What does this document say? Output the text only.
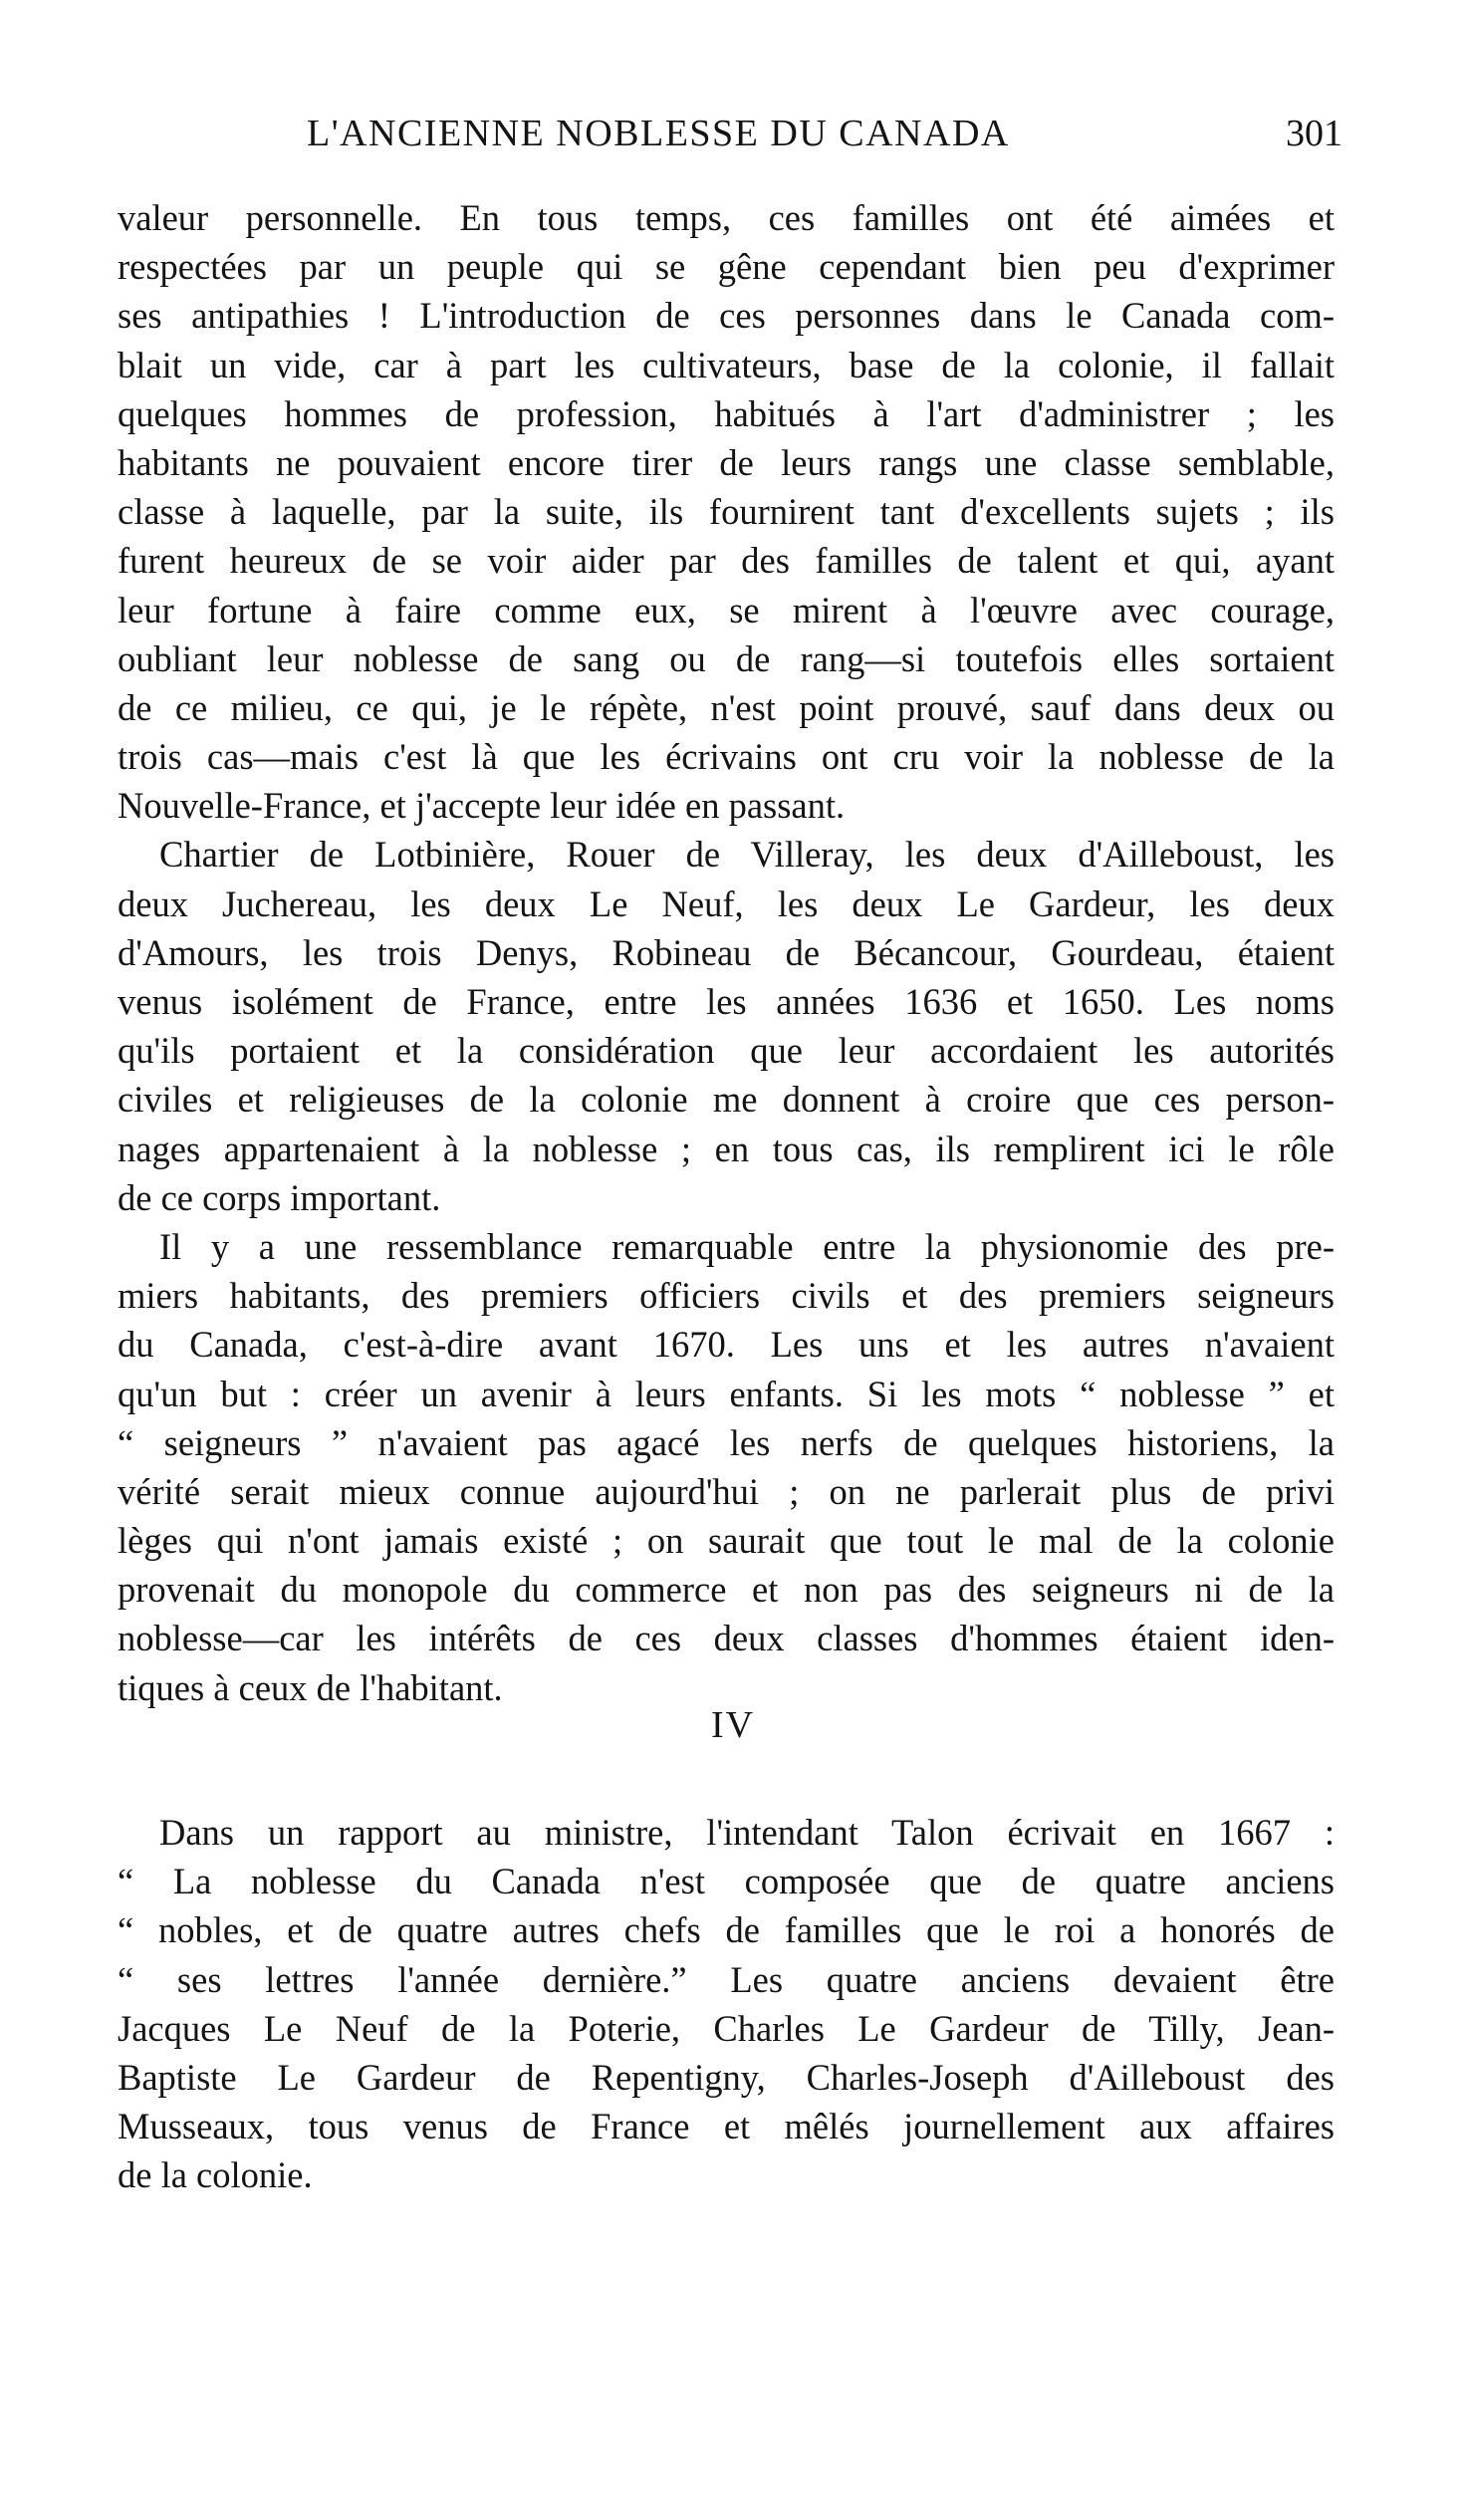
L'ANCIENNE NOBLESSE DU CANADA	301
valeur personnelle. En tous temps, ces familles ont été aimées et
respectées par un peuple qui se gêne cependant bien peu d'exprimer
ses antipathies ! L'introduction de ces personnes dans le Canada com-
blait un vide, car à part les cultivateurs, base de la colonie, il fallait
quelques hommes de profession, habitués à l'art d'administrer ; les
habitants ne pouvaient encore tirer de leurs rangs une classe semblable,
classe à laquelle, par la suite, ils fournirent tant d'excellents sujets ; ils
furent heureux de se voir aider par des familles de talent et qui, ayant
leur fortune à faire comme eux, se mirent à l'œuvre avec courage,
oubliant leur noblesse de sang ou de rang—si toutefois elles sortaient
de ce milieu, ce qui, je le répète, n'est point prouvé, sauf dans deux ou
trois cas—mais c'est là que les écrivains ont cru voir la noblesse de la
Nouvelle-France, et j'accepte leur idée en passant.
Chartier de Lotbinière, Rouer de Villeray, les deux d'Ailleboust, les
deux Juchereau, les deux Le Neuf, les deux Le Gardeur, les deux
d'Amours, les trois Denys, Robineau de Bécancour, Gourdeau, étaient
venus isolément de France, entre les années 1636 et 1650. Les noms
qu'ils portaient et la considération que leur accordaient les autorités
civiles et religieuses de la colonie me donnent à croire que ces person-
nages appartenaient à la noblesse ; en tous cas, ils remplirent ici le rôle
de ce corps important.
Il y a une ressemblance remarquable entre la physionomie des pre-
miers habitants, des premiers officiers civils et des premiers seigneurs
du Canada, c'est-à-dire avant 1670. Les uns et les autres n'avaient
qu'un but : créer un avenir à leurs enfants. Si les mots “ noblesse ” et
“ seigneurs ” n'avaient pas agacé les nerfs de quelques historiens, la
vérité serait mieux connue aujourd'hui ; on ne parlerait plus de privi
lèges qui n'ont jamais existé ; on saurait que tout le mal de la colonie
provenait du monopole du commerce et non pas des seigneurs ni de la
noblesse—car les intérêts de ces deux classes d'hommes étaient iden-
tiques à ceux de l'habitant.
IV
Dans un rapport au ministre, l'intendant Talon écrivait en 1667 :
“ La noblesse du Canada n'est composée que de quatre anciens
“ nobles, et de quatre autres chefs de familles que le roi a honorés de
“ ses lettres l'année dernière.” Les quatre anciens devaient être
Jacques Le Neuf de la Poterie, Charles Le Gardeur de Tilly, Jean-
Baptiste Le Gardeur de Repentigny, Charles-Joseph d'Ailleboust des
Musseaux, tous venus de France et mêlés journellement aux affaires
de la colonie.
